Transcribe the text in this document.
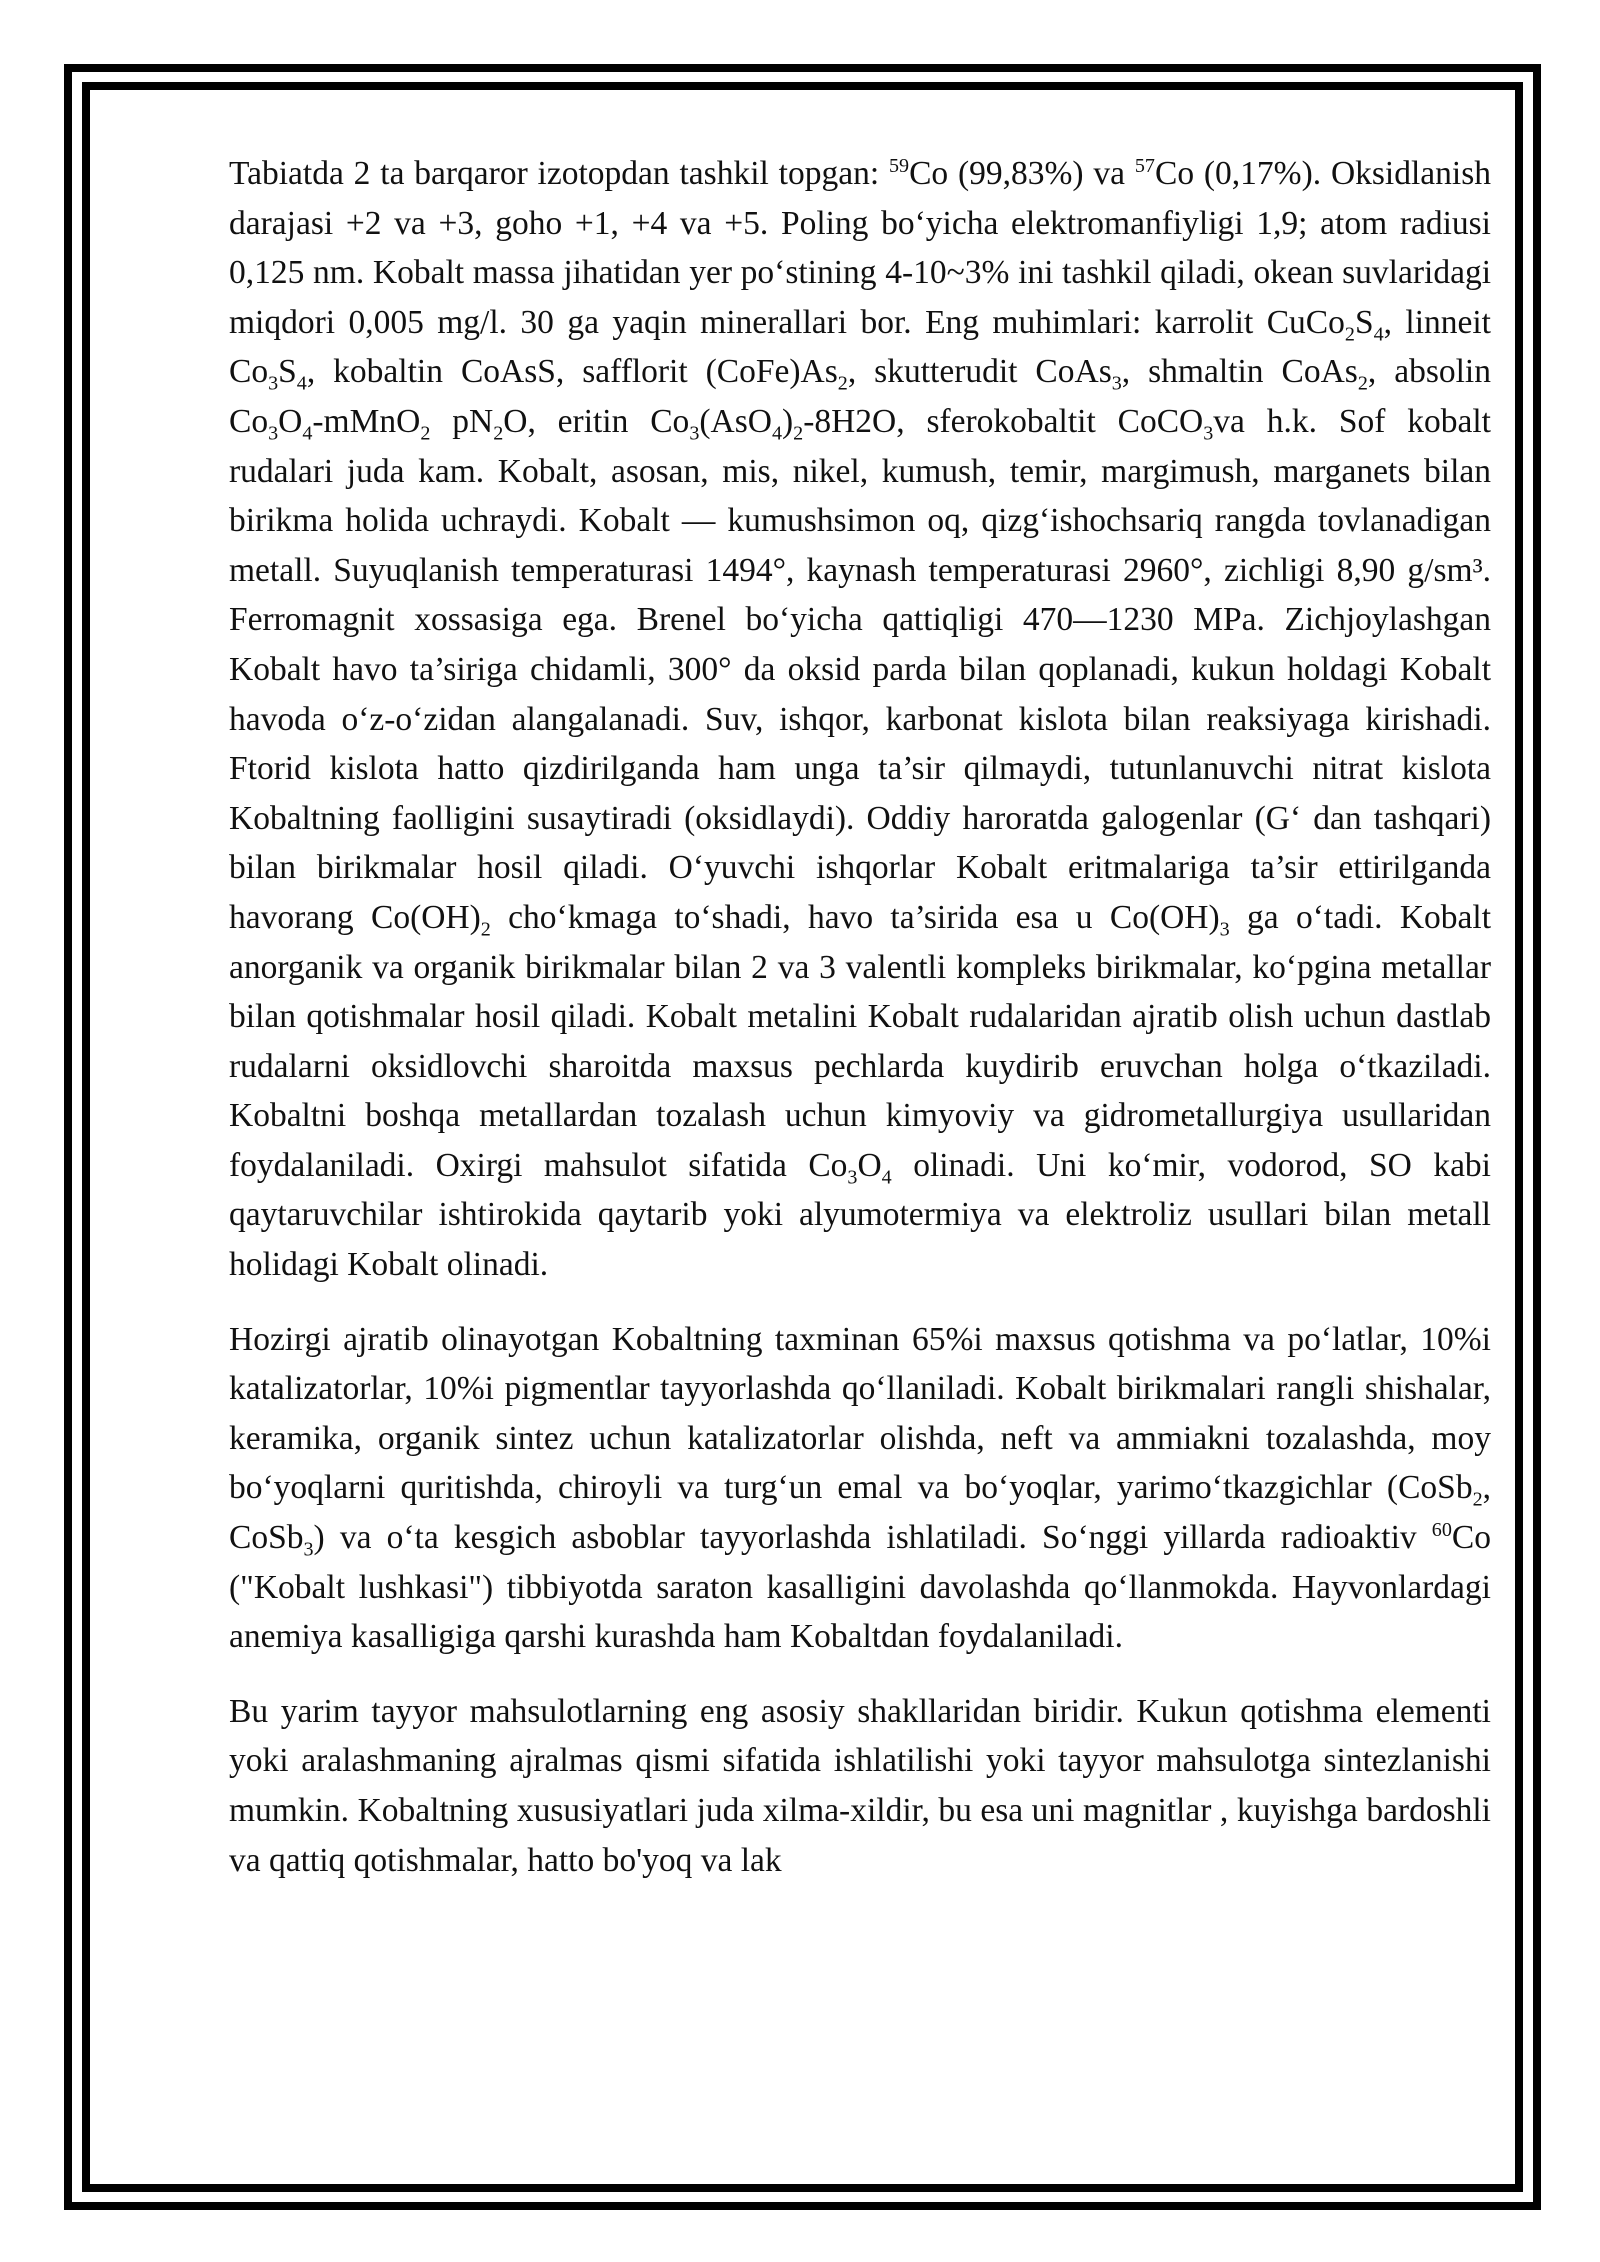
Tabiatda 2 ta barqaror izotopdan tashkil topgan: $^{59}$Co (99,83%) va $^{57}$Co (0,17%). Oksidlanish darajasi +2 va +3, goho +1, +4 va +5. Poling bo‘yicha elektromanfiyligi 1,9; atom radiusi 0,125 nm. Kobalt massa jihatidan yer po‘stining 4-10~3% ini tashkil qiladi, okean suvlaridagi miqdori 0,005 mg/l. 30 ga yaqin minerallari bor. Eng muhimlari: karrolit $CuCo_2S_4$, linneit $Co_3S_4$, kobaltin CoAsS, safflorit $(CoFe)As_2$, skutterudit CoAs$_3$, shmaltin CoAs$_2$, absolin $Co_3O_4-mMnO_2$ $pN_2O$, eritin $Co_3(AsO_4)_2-8H2O$, sferokobaltit CoCO$_3$va h.k. Sof kobalt rudalari juda kam. Kobalt, asosan, mis, nikel, kumush, temir, margimush, marganets bilan birikma holida uchraydi. Kobalt — kumushsimon oq, qizg‘ishochsariq rangda tovlanadigan metall. Suyuqlanish temperaturasi 1494°, kaynash temperaturasi 2960°, zichligi 8,90 g/sm³. Ferromagnit xossasiga ega. Brenel bo‘yicha qattiqligi 470—1230 MPa. Zichjoylashgan Kobalt havo ta’siriga chidamli, 300° da oksid parda bilan qoplanadi, kukun holdagi Kobalt havoda o‘z-o‘zidan alangalanadi. Suv, ishqor, karbonat kislota bilan reaksiyaga kirishadi. Ftorid kislota hatto qizdirilganda ham unga ta’sir qilmaydi, tutunlanuvchi nitrat kislota Kobaltning faolligini susaytiradi (oksidlaydi). Oddiy haroratda galogenlar (G‘ dan tashqari) bilan birikmalar hosil qiladi. O‘yuvchi ishqorlar Kobalt eritmalariga ta’sir ettirilganda havorang $Co(OH)_2$ cho‘kmaga to‘shadi, havo ta’sirida esa u $Co(OH)_3$ ga o‘tadi. Kobalt anorganik va organik birikmalar bilan 2 va 3 valentli kompleks birikmalar, ko‘pgina metallar bilan qotishmalar hosil qiladi. Kobalt metalini Kobalt rudalaridan ajratib olish uchun dastlab rudalarni oksidlovchi sharoitda maxsus pechlarda kuydirib eruvchan holga o‘tkaziladi. Kobaltni boshqa metallardan tozalash uchun kimyoviy va gidrometallurgiya usullaridan foydalaniladi. Oxirgi mahsulot sifatida $Co_3O_4$ olinadi. Uni ko‘mir, vodorod, SO kabi qaytaruvchilar ishtirokida qaytarib yoki alyumotermiya va elektroliz usullari bilan metall holidagi Kobalt olinadi.

Hozirgi ajratib olinayotgan Kobaltning taxminan 65%i maxsus qotishma va po‘latlar, 10%i katalizatorlar, 10%i pigmentlar tayyorlashda qo‘llaniladi. Kobalt birikmalari rangli shishalar, keramika, organik sintez uchun katalizatorlar olishda, neft va ammiakni tozalashda, moy bo‘yoqlarni quritishda, chiroyli va turg‘un emal va bo‘yoqlar, yarimo‘tkazgichlar (CoSb$_2$, CoSb$_3$) va o‘ta kesgich asboblar tayyorlashda ishlatiladi. So‘nggi yillarda radioaktiv $^{60}$Co ("Kobalt lushkasi") tibbiyotda saraton kasalligini davolashda qo‘llanmokda. Hayvonlardagi anemiya kasalligiga qarshi kurashda ham Kobaltdan foydalaniladi.

Bu yarim tayyor mahsulotlarning eng asosiy shakllaridan biridir. Kukun qotishma elementi yoki aralashmaning ajralmas qismi sifatida ishlatilishi yoki tayyor mahsulotga sintezlanishi mumkin. Kobaltning xususiyatlari juda xilma-xildir, bu esa uni magnitlar , kuyishga bardoshli va qattiq qotishmalar, hatto bo'yoq va lak
